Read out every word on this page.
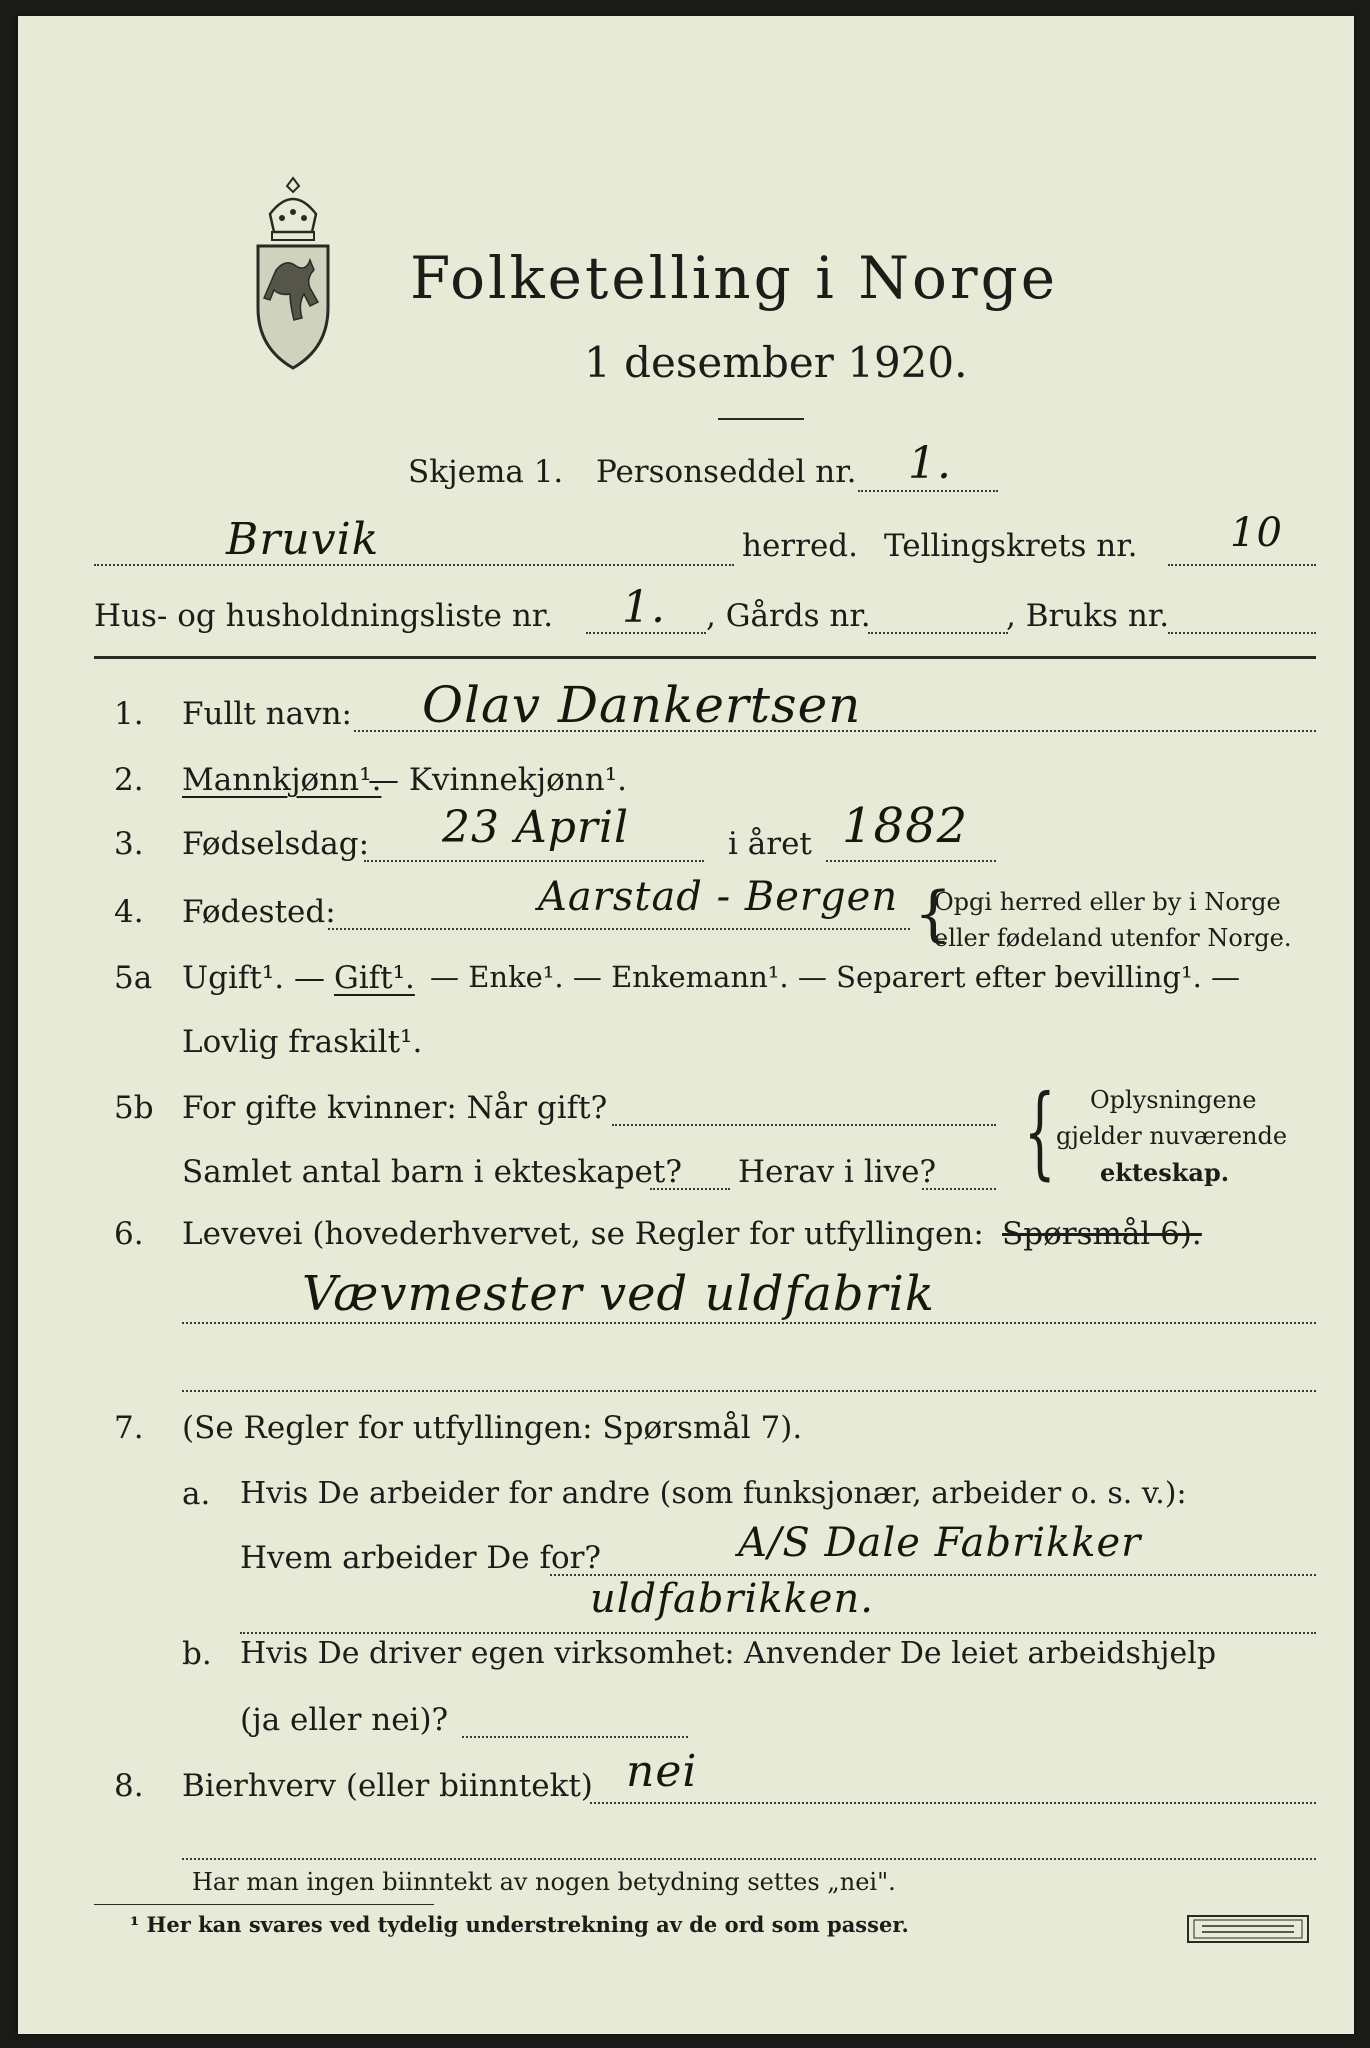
Folketelling i Norge
1 desember 1920.
Skjema 1. Personseddel nr. 1.
Bruvik	herred. Tellingskrets nr. 10
Hus- og husholdningsliste nr. 1. , Gårds nr.	, Bruks nr.
1. Fullt navn: Olav Dankertsen
2. Mannkjønn¹.
— Kvinnekjønn¹.
3. Fødselsdag: 23 April	i året 1882
4. Fødested:	Aarstad - Bergen {
Opgi herred eller by i Norge
eller fødeland utenfor Norge.
5a Ugift¹. — Gift¹. — Enke¹. — Enkemann¹. — Separert efter bevilling¹. —
Lovlig fraskilt¹.
5b For gifte kvinner: Når gift?
Samlet antal barn i ekteskapet? Herav i live? { Oplysningene
gjelder nuværende
ekteskap.
6. Levevei (hovederhvervet, se Regler for utfyllingen: Spørsmål 6).
Vævmester ved uldfabrik
7. (Se Regler for utfyllingen: Spørsmål 7).
a. Hvis De arbeider for andre (som funksjonær, arbeider o. s. v.):
Hvem arbeider De for?	A/S Dale Fabrikker
uldfabrikken.
b. Hvis De driver egen virksomhet: Anvender De leiet arbeidshjelp
(ja eller nei)?
8. Bierhverv (eller biinntekt) nei
Har man ingen biinntekt av nogen betydning settes „nei".
¹ Her kan svares ved tydelig understrekning av de ord som passer.
